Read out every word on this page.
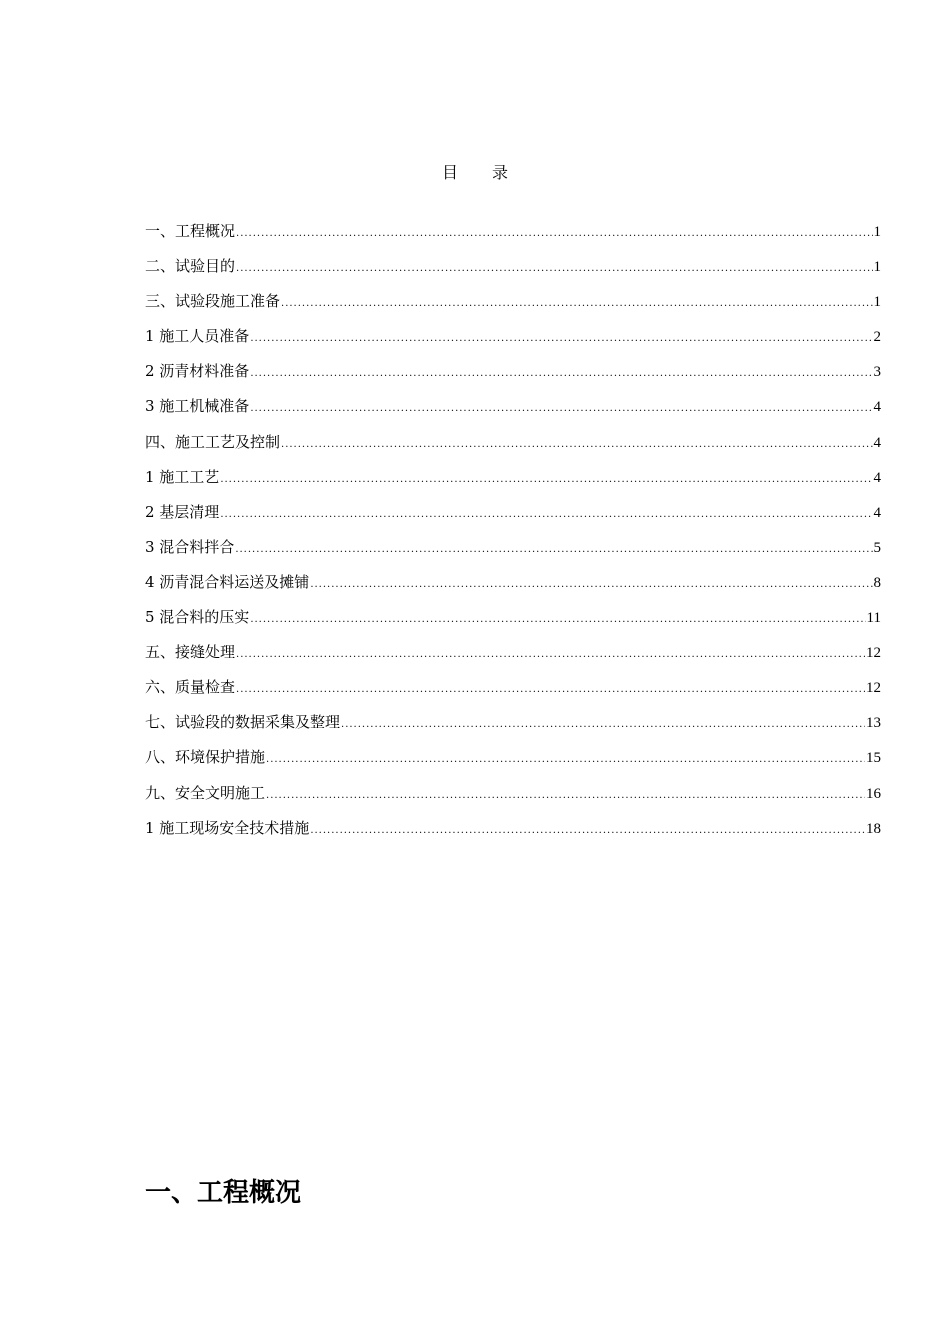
目 录
一、工程概况 .....	1
二、试验目的 .....	1
三、试验段施工准备 .....	1
1 施工人员准备 .....	2
2 沥青材料准备 .....	3
3 施工机械准备 .....	4
四、施工工艺及控制 .....	4
1 施工工艺 .....	4
2 基层清理 .....	4
3 混合料拌合 .....	5
4 沥青混合料运送及摊铺 .....	8
5 混合料的压实 .....	11
五、接缝处理 .....	12
六、质量检查 .....	12
七、试验段的数据采集及整理 .....	13
八、环境保护措施 .....	15
九、安全文明施工 .....	16
1 施工现场安全技术措施 .....	18
一、工程概况
